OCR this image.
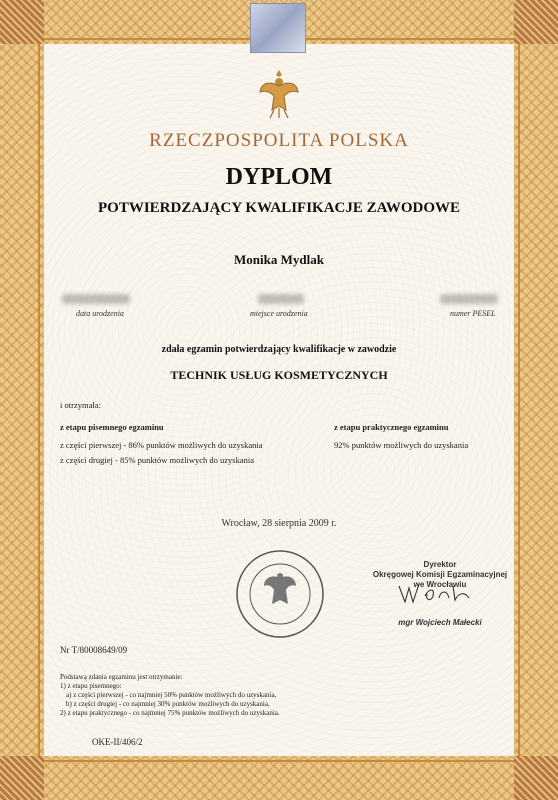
RZECZPOSPOLITA POLSKA
DYPLOM
POTWIERDZAJĄCY KWALIFIKACJE ZAWODOWE
Monika Mydlak
data urodzenia	miejsce urodzenia	numer PESEL
zdała egzamin potwierdzający kwalifikacje w zawodzie
TECHNIK USŁUG KOSMETYCZNYCH
i otrzymała:
z etapu pisemnego egzaminu
z części pierwszej - 86% punktów możliwych do uzyskania
z części drugiej - 85% punktów możliwych do uzyskania
z etapu praktycznego egzaminu
92% punktów możliwych do uzyskania
Wrocław, 28 sierpnia 2009 r.
Dyrektor
Okręgowej Komisji Egzaminacyjnej
we Wrocławiu
mgr Wojciech Małecki
Nr T/80008649/09
Podstawą zdania egzaminu jest otrzymanie:
1) z etapu pisemnego:
a) z części pierwszej - co najmniej 50% punktów możliwych do uzyskania,
b) z części drugiej - co najmniej 30% punktów możliwych do uzyskania,
2) z etapu praktycznego - co najmniej 75% punktów możliwych do uzyskania.
OKE-II/406/2
